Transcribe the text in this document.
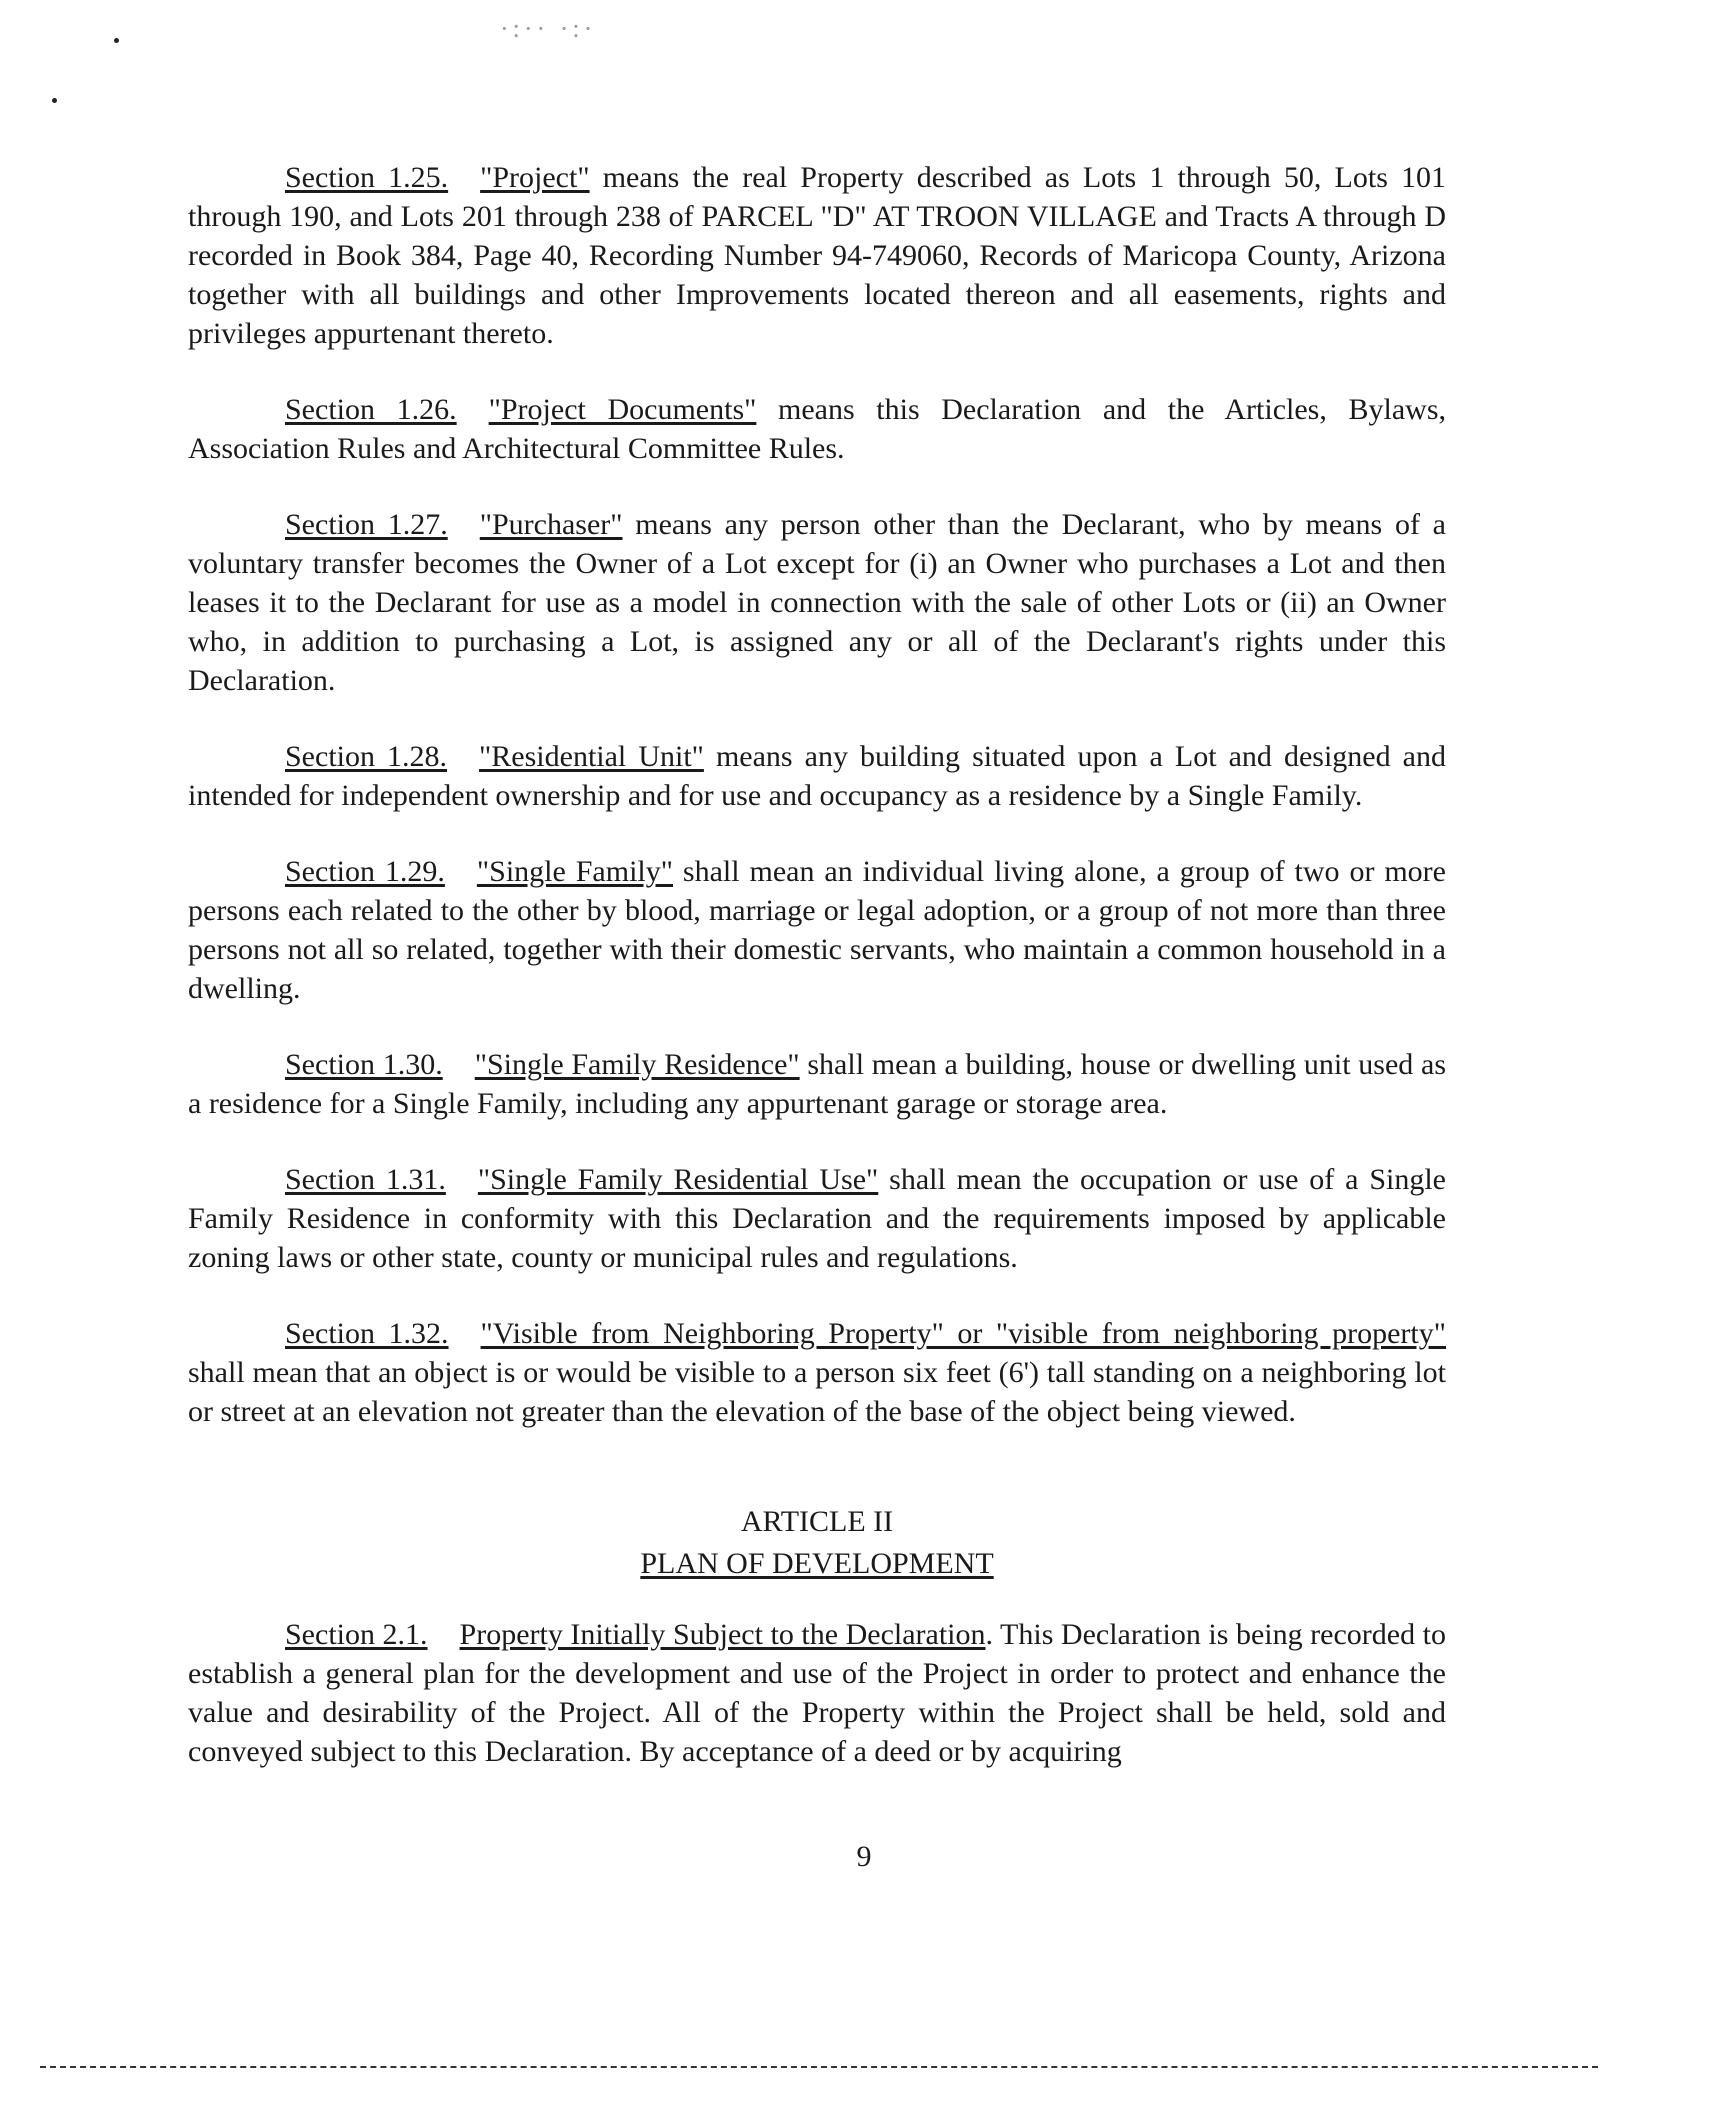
·:·· ·:·

Section 1.25. "Project" means the real Property described as Lots 1 through 50, Lots 101 through 190, and Lots 201 through 238 of PARCEL "D" AT TROON VILLAGE and Tracts A through D recorded in Book 384, Page 40, Recording Number 94-749060, Records of Maricopa County, Arizona together with all buildings and other Improvements located thereon and all easements, rights and privileges appurtenant thereto.

Section 1.26. "Project Documents" means this Declaration and the Articles, Bylaws, Association Rules and Architectural Committee Rules.

Section 1.27. "Purchaser" means any person other than the Declarant, who by means of a voluntary transfer becomes the Owner of a Lot except for (i) an Owner who purchases a Lot and then leases it to the Declarant for use as a model in connection with the sale of other Lots or (ii) an Owner who, in addition to purchasing a Lot, is assigned any or all of the Declarant's rights under this Declaration.

Section 1.28. "Residential Unit" means any building situated upon a Lot and designed and intended for independent ownership and for use and occupancy as a residence by a Single Family.

Section 1.29. "Single Family" shall mean an individual living alone, a group of two or more persons each related to the other by blood, marriage or legal adoption, or a group of not more than three persons not all so related, together with their domestic servants, who maintain a common household in a dwelling.

Section 1.30. "Single Family Residence" shall mean a building, house or dwelling unit used as a residence for a Single Family, including any appurtenant garage or storage area.

Section 1.31. "Single Family Residential Use" shall mean the occupation or use of a Single Family Residence in conformity with this Declaration and the requirements imposed by applicable zoning laws or other state, county or municipal rules and regulations.

Section 1.32. "Visible from Neighboring Property" or "visible from neighboring property" shall mean that an object is or would be visible to a person six feet (6') tall standing on a neighboring lot or street at an elevation not greater than the elevation of the base of the object being viewed.

ARTICLE II
PLAN OF DEVELOPMENT

Section 2.1. Property Initially Subject to the Declaration. This Declaration is being recorded to establish a general plan for the development and use of the Project in order to protect and enhance the value and desirability of the Project. All of the Property within the Project shall be held, sold and conveyed subject to this Declaration. By acceptance of a deed or by acquiring

9
